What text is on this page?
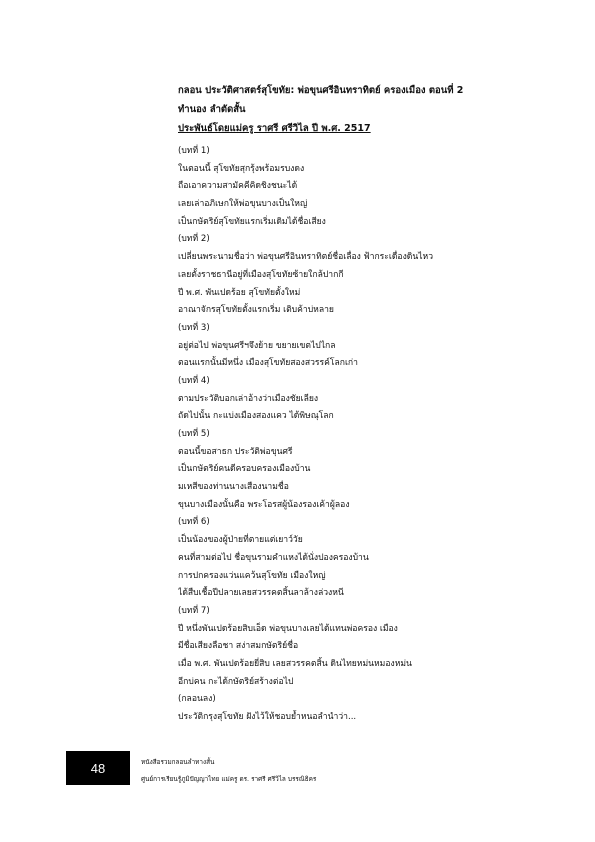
กลอน ประวัติศาสตร์สุโขทัย: พ่อขุนศรีอินทราทิตย์ ครองเมือง ตอนที่ 2
ทำนอง ลำตัดสั้น
ประพันธ์โดยแม่ครู ราศรี ศรีวิไล ปี พ.ศ. 2517
(บทที่ 1)
ในตอนนี้ สุโขทัยสุกรุ้งพร้อมรบงดง
ถือเอาความสามัคคีคิดชิงชนะได้
เลยเล่าอภิเษกให้พ่อขุนบางเป็นใหญ่
เป็นกษัตริย์สุโขทัยแรกเริ่มเดิมได้ชื่อเสียง
(บทที่ 2)
เปลี่ยนพระนามชื่อว่า พ่อขุนศรีอินทราทิตย์ชื่อเลื่อง ฟ้ากระเดื่องดินไหว
เลยตั้งราชธานีอยู่ที่เมืองสุโขทัยซ้ายใกล้ปากกี
ปี พ.ศ. พันเปดร้อย สุโขทัยตั้งใหม่
อาณาจักรสุโขทัยตั้งแรกเริ่ม เติบค้าบ่หลาย
(บทที่ 3)
อยู่ต่อไป พ่อขุนศรีฯจึงย้าย ขยายเขตไปไกล
ตอนแรกนั้นมีหนึ่ง เมืองสุโขทัยสองสวรรค์โลกเก่า
(บทที่ 4)
ตามประวัติบอกเล่าอ้างว่าเมืองชัยเลียง
ถัดไปนั้น กะแบ่งเมืองสองแคว ได้พิษณุโลก
(บทที่ 5)
ตอนนี้ขอสาธก ประวัติพ่อขุนศรี
เป็นกษัตริย์คนดีครอบครองเมืองบ้าน
มเหสีของท่านนางเสืองนามชื่อ
ขุนบางเมืองนั้นคือ พระโอรสผู้น้องรองเค้าผู้ลอง
(บทที่ 6)
เป็นน้องของผู้ป่ายที่ตายแต่เยาว์วัย
คนที่สามต่อไป ชื่อขุนรามคำแหงได้นั่งปองครองบ้าน
การปกครองแว่นแคว้นสุโขทัย เมืองใหญ่
ได้สืบเชื้อปีปลายเลยสวรรคตสิ้นลาล้างล่วงหนี
(บทที่ 7)
ปี หนึ่งพันเปดร้อยสิบเอ็ด พ่อขุนบางเลยได้แทนพ่อครอง เมือง
มีชื่อเสียงลือชา สง่าสมกษัตริย์ชื่อ
เมื่อ พ.ศ. พันเปดร้อยยี่สิบ เลยสวรรคตสิ้น ดินไทยหม่นหมองหม่น
อีกบ่คน กะได้กษัตริย์สร้างต่อไป
(กลอนลง)
ประวัติกรุงสุโขทัย ฝังไว้ให้ชอบย้ำหนอลำนำว่า...
48	หนังสือรวมกลอนลำทางสั้น
ศูนย์การเรียนรู้ภูมิปัญญาไทย แม่ครู ดร. ราศรี ศรีวิไล บรรณิธิคร
